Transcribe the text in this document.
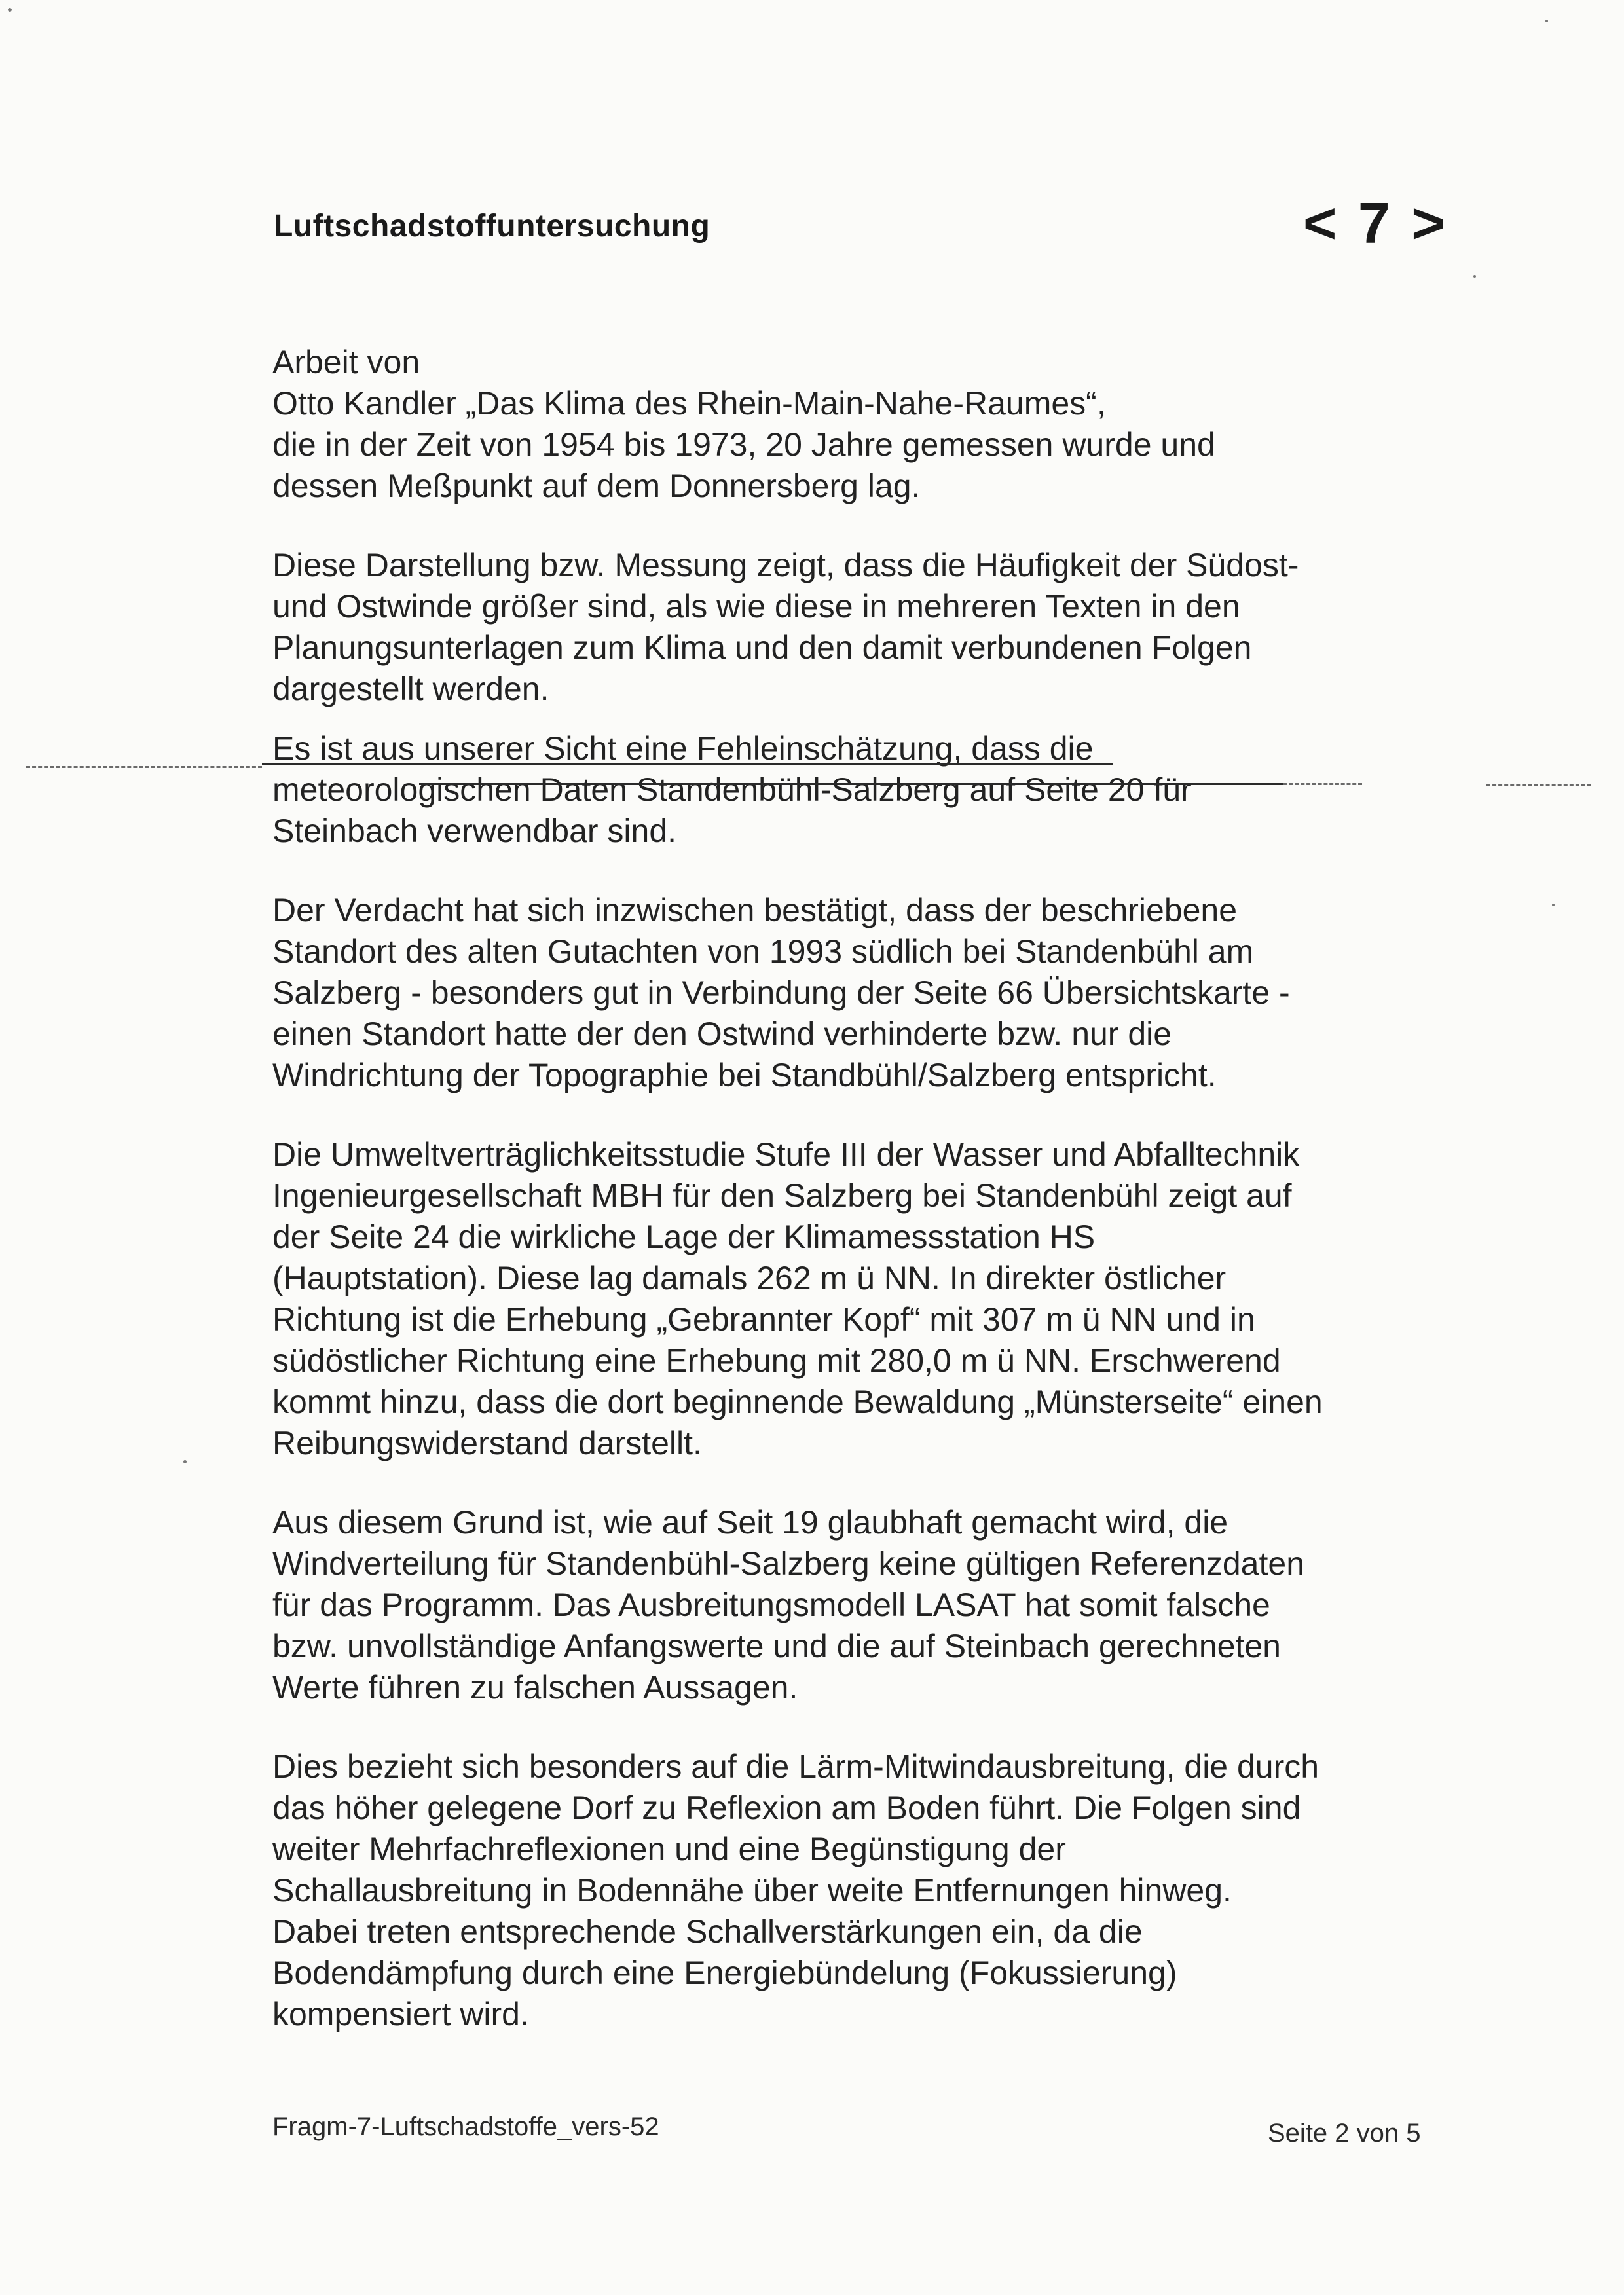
Luftschadstoffuntersuchung	< 7 >
Arbeit von
Otto Kandler „Das Klima des Rhein-Main-Nahe-Raumes“,
die in der Zeit von 1954 bis 1973, 20 Jahre gemessen wurde und
dessen Meßpunkt auf dem Donnersberg lag.
Diese Darstellung bzw. Messung zeigt, dass die Häufigkeit der Südost-
und Ostwinde größer sind, als wie diese in mehreren Texten in den
Planungsunterlagen zum Klima und den damit verbundenen Folgen
dargestellt werden.
Es ist aus unserer Sicht eine Fehleinschätzung, dass die
meteorologischen Daten Standenbühl-Salzberg auf Seite 20 für
Steinbach verwendbar sind.
Der Verdacht hat sich inzwischen bestätigt, dass der beschriebene
Standort des alten Gutachten von 1993 südlich bei Standenbühl am
Salzberg - besonders gut in Verbindung der Seite 66 Übersichtskarte -
einen Standort hatte der den Ostwind verhinderte bzw. nur die
Windrichtung der Topographie bei Standbühl/Salzberg entspricht.
Die Umweltverträglichkeitsstudie Stufe III der Wasser und Abfalltechnik
Ingenieurgesellschaft MBH für den Salzberg bei Standenbühl zeigt auf
der Seite 24 die wirkliche Lage der Klimamessstation HS
(Hauptstation). Diese lag damals 262 m ü NN. In direkter östlicher
Richtung ist die Erhebung „Gebrannter Kopf“ mit 307 m ü NN und in
südöstlicher Richtung eine Erhebung mit 280,0 m ü NN. Erschwerend
kommt hinzu, dass die dort beginnende Bewaldung „Münsterseite“ einen
Reibungswiderstand darstellt.
Aus diesem Grund ist, wie auf Seit 19 glaubhaft gemacht wird, die
Windverteilung für Standenbühl-Salzberg keine gültigen Referenzdaten
für das Programm. Das Ausbreitungsmodell LASAT hat somit falsche
bzw. unvollständige Anfangswerte und die auf Steinbach gerechneten
Werte führen zu falschen Aussagen.
Dies bezieht sich besonders auf die Lärm-Mitwindausbreitung, die durch
das höher gelegene Dorf zu Reflexion am Boden führt. Die Folgen sind
weiter Mehrfachreflexionen und eine Begünstigung der
Schallausbreitung in Bodennähe über weite Entfernungen hinweg.
Dabei treten entsprechende Schallverstärkungen ein, da die
Bodendämpfung durch eine Energiebündelung (Fokussierung)
kompensiert wird.
Fragm-7-Luftschadstoffe_vers-52	Seite 2 von 5
